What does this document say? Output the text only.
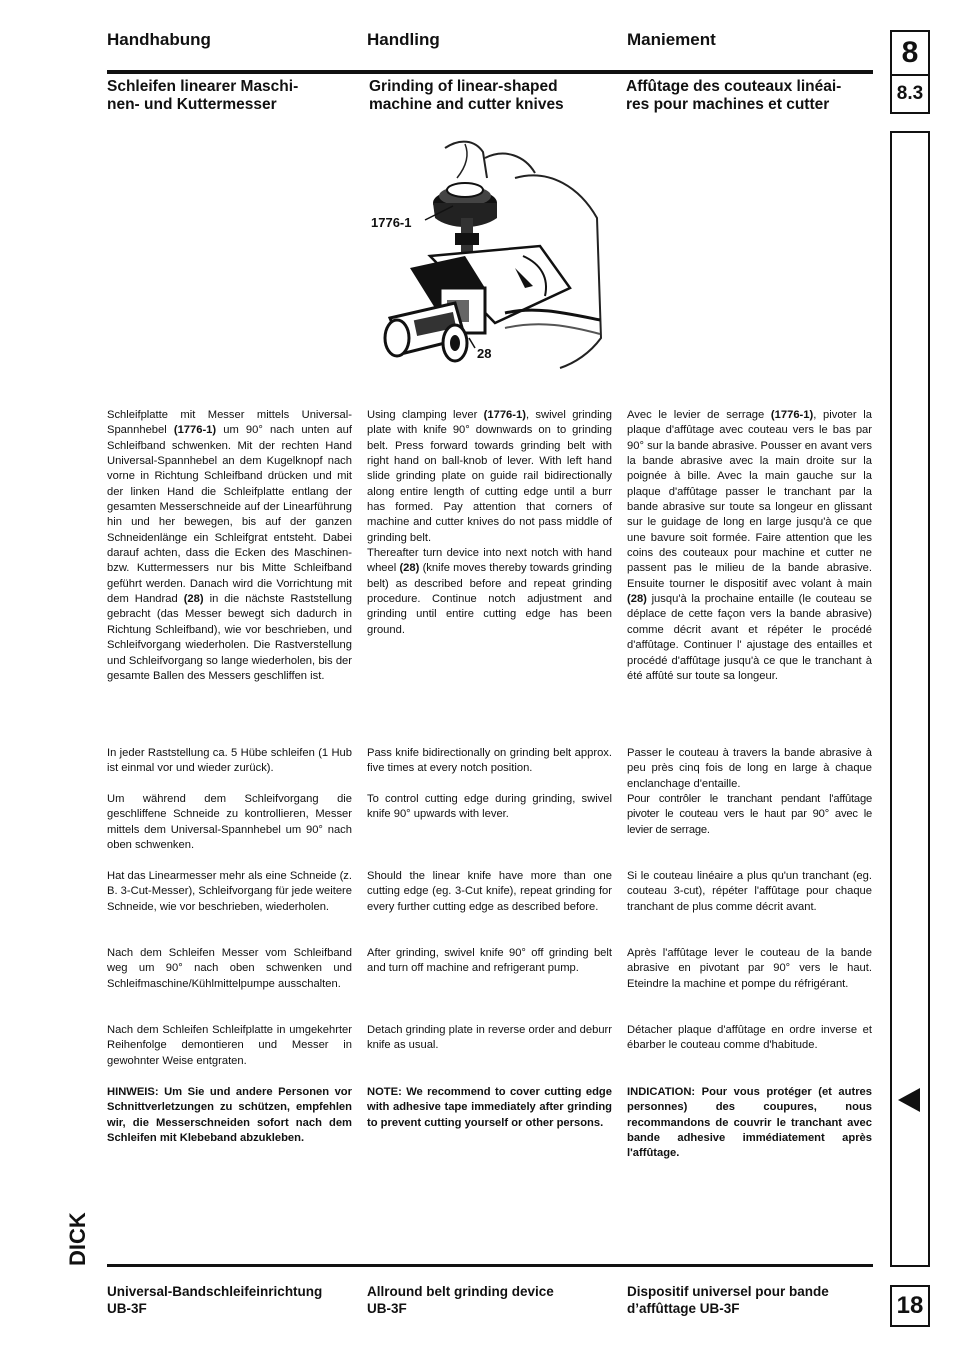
Handhabung	Handling	Maniement
Schleifen linearer Maschi-
nen- und Kuttermesser
Grinding of linear-shaped
machine and cutter knives
Affûtage des couteaux linéai-
res pour machines et cutter
8
8.3
18
1776-1
28

Schleifplatte mit Messer mittels Universal-Spannhebel (1776-1) um 90° nach unten auf Schleifband schwenken. Mit der rechten Hand Universal-Spannhebel an dem Kugelknopf nach vorne in Richtung Schleifband drücken und mit der linken Hand die Schleifplatte entlang der gesamten Messerschneide auf der Linearführung hin und her bewegen, bis auf der ganzen Schneidenlänge ein Schleifgrat entsteht. Dabei darauf achten, dass die Ecken des Maschinen- bzw. Kuttermessers nur bis Mitte Schleifband geführt werden. Danach wird die Vorrichtung mit dem Handrad (28) in die nächste Raststellung gebracht (das Messer bewegt sich dadurch in Richtung Schleifband), wie vor beschrieben, und Schleifvorgang wiederholen. Die Rastverstellung und Schleifvorgang so lange wiederholen, bis der gesamte Ballen des Messers geschliffen ist.

In jeder Raststellung ca. 5 Hübe schleifen (1 Hub ist einmal vor und wieder zurück).
Um während dem Schleifvorgang die geschliffene Schneide zu kontrollieren, Messer mittels dem Universal-Spannhebel um 90° nach oben schwenken.
Hat das Linearmesser mehr als eine Schneide (z. B. 3-Cut-Messer), Schleifvorgang für jede weitere Schneide, wie vor beschrieben, wiederholen.
Nach dem Schleifen Messer vom Schleifband weg um 90° nach oben schwenken und Schleifmaschine/Kühlmittelpumpe ausschalten.
Nach dem Schleifen Schleifplatte in umgekehrter Reihenfolge demontieren und Messer in gewohnter Weise entgraten.
HINWEIS: Um Sie und andere Personen vor Schnittverletzungen zu schützen, empfehlen wir, die Messerschneiden sofort nach dem Schleifen mit Klebeband abzukleben.

Using clamping lever (1776-1), swivel grinding plate with knife 90° downwards on to grinding belt. Press forward towards grinding belt with right hand on ball-knob of lever. With left hand slide grinding plate on guide rail bidirectionally along entire length of cutting edge until a burr has formed. Pay attention that corners of machine and cutter knives do not pass middle of grinding belt.

Thereafter turn device into next notch with hand wheel (28) (knife moves thereby towards grinding belt) as described before and repeat grinding procedure. Continue notch adjustment and grinding until entire cutting edge has been ground.

Pass knife bidirectionally on grinding belt approx. five times at every notch position.
To control cutting edge during grinding, swivel knife 90° upwards with lever.
Should the linear knife have more than one cutting edge (eg. 3-Cut knife), repeat grinding for every further cutting edge as described before.
After grinding, swivel knife 90° off grinding belt and turn off machine and refrigerant pump.
Detach grinding plate in reverse order and deburr knife as usual.
NOTE: We recommend to cover cutting edge with adhesive tape immediately after grinding to prevent cutting yourself or other persons.

Avec le levier de serrage (1776-1), pivoter la plaque d'affûtage avec couteau vers le bas par 90° sur la bande abrasive. Pousser en avant vers la bande abrasive avec la main droite sur la poignée à bille. Avec la main gauche sur la plaque d'affûtage passer le tranchant par la bande abrasive sur toute sa longeur en glissant sur le guidage de long en large jusqu'à ce que une bavure soit formée. Faire attention que les coins des couteaux pour machine et cutter ne passent pas le milieu de la bande abrasive. Ensuite tourner le dispositif avec volant à main (28) jusqu'à la prochaine entaille (le couteau se déplace de cette façon vers la bande abrasive) comme décrit avant et répéter le procédé d'affûtage. Continuer l' ajustage des entailles et procédé d'affûtage jusqu'à ce que le tranchant à été affûté sur toute sa longeur.

Passer le couteau à travers la bande abrasive à peu près cinq fois de long en large à chaque enclanchage d'entaille.
Pour contrôler le tranchant pendant l'affûtage pivoter le couteau vers le haut par 90° avec le levier de serrage.
Si le couteau linéaire a plus qu'un tranchant (eg. couteau 3-cut), répéter l'affûtage pour chaque tranchant de plus comme décrit avant.
Après l'affûtage lever le couteau de la bande abrasive en pivotant par 90° vers le haut. Eteindre la machine et pompe du réfrigérant.
Détacher plaque d'affûtage en ordre inverse et ébarber le couteau comme d'habitude.
INDICATION: Pour vous protéger (et autres personnes) des coupures, nous recommandons de couvrir le tranchant avec bande adhesive immédiatement après l'affûtage.
DICK
Universal-Bandschleifeinrichtung
UB-3F
Allround belt grinding device
UB-3F
Dispositif universel pour bande
d’affûttage UB-3F
